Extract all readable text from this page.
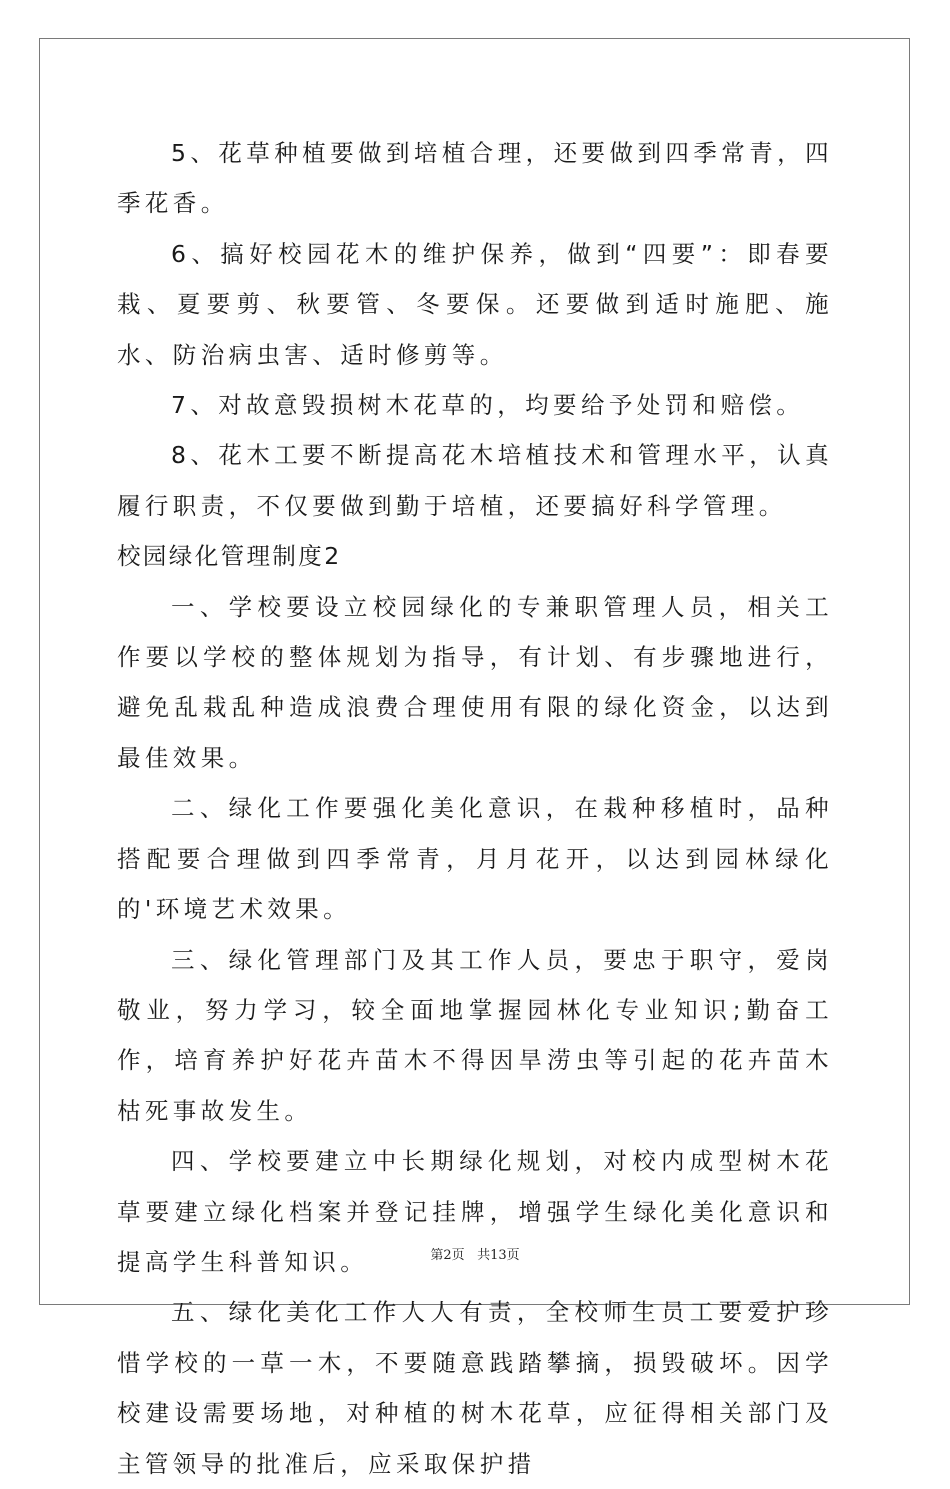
5、花草种植要做到培植合理，还要做到四季常青，四季花香。

6、搞好校园花木的维护保养，做到“四要”：即春要栽、夏要剪、秋要管、冬要保。还要做到适时施肥、施水、防治病虫害、适时修剪等。

7、对故意毁损树木花草的，均要给予处罚和赔偿。

8、花木工要不断提高花木培植技术和管理水平，认真履行职责，不仅要做到勤于培植，还要搞好科学管理。

校园绿化管理制度2

一、学校要设立校园绿化的专兼职管理人员，相关工作要以学校的整体规划为指导，有计划、有步骤地进行，避免乱栽乱种造成浪费合理使用有限的绿化资金，以达到最佳效果。

二、绿化工作要强化美化意识，在栽种移植时，品种搭配要合理做到四季常青，月月花开，以达到园林绿化的'环境艺术效果。

三、绿化管理部门及其工作人员，要忠于职守，爱岗敬业，努力学习，较全面地掌握园林化专业知识;勤奋工作，培育养护好花卉苗木不得因旱涝虫等引起的花卉苗木枯死事故发生。

四、学校要建立中长期绿化规划，对校内成型树木花草要建立绿化档案并登记挂牌，增强学生绿化美化意识和提高学生科普知识。

五、绿化美化工作人人有责，全校师生员工要爱护珍惜学校的一草一木，不要随意践踏攀摘，损毁破坏。因学校建设需要场地，对种植的树木花草，应征得相关部门及主管领导的批准后，应采取保护措

第2页 共13页
